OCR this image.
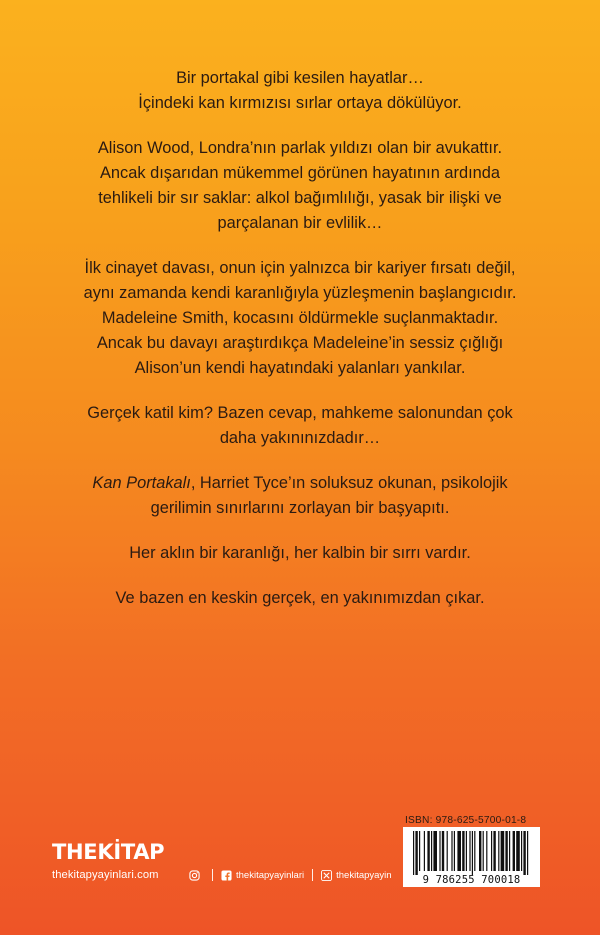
Bir portakal gibi kesilen hayatlar…
İçindeki kan kırmızısı sırlar ortaya dökülüyor.

Alison Wood, Londra’nın parlak yıldızı olan bir avukattır.
Ancak dışarıdan mükemmel görünen hayatının ardında
tehlikeli bir sır saklar: alkol bağımlılığı, yasak bir ilişki ve
parçalanan bir evlilik…

İlk cinayet davası, onun için yalnızca bir kariyer fırsatı değil,
aynı zamanda kendi karanlığıyla yüzleşmenin başlangıcıdır.
Madeleine Smith, kocasını öldürmekle suçlanmaktadır.
Ancak bu davayı araştırdıkça Madeleine’in sessiz çığlığı
Alison’un kendi hayatındaki yalanları yankılar.

Gerçek katil kim? Bazen cevap, mahkeme salonundan çok
daha yakınınızdadır…

Kan Portakalı, Harriet Tyce’ın soluksuz okunan, psikolojik
gerilimin sınırlarını zorlayan bir başyapıtı.

Her aklın bir karanlığı, her kalbin bir sırrı vardır.

Ve bazen en keskin gerçek, en yakınımızdan çıkar.

THEKİTAP
thekitapyayinlari.com	thekitapyayinlari	thekitapyayin
ISBN: 978-625-5700-01-8
9 786255 700018
